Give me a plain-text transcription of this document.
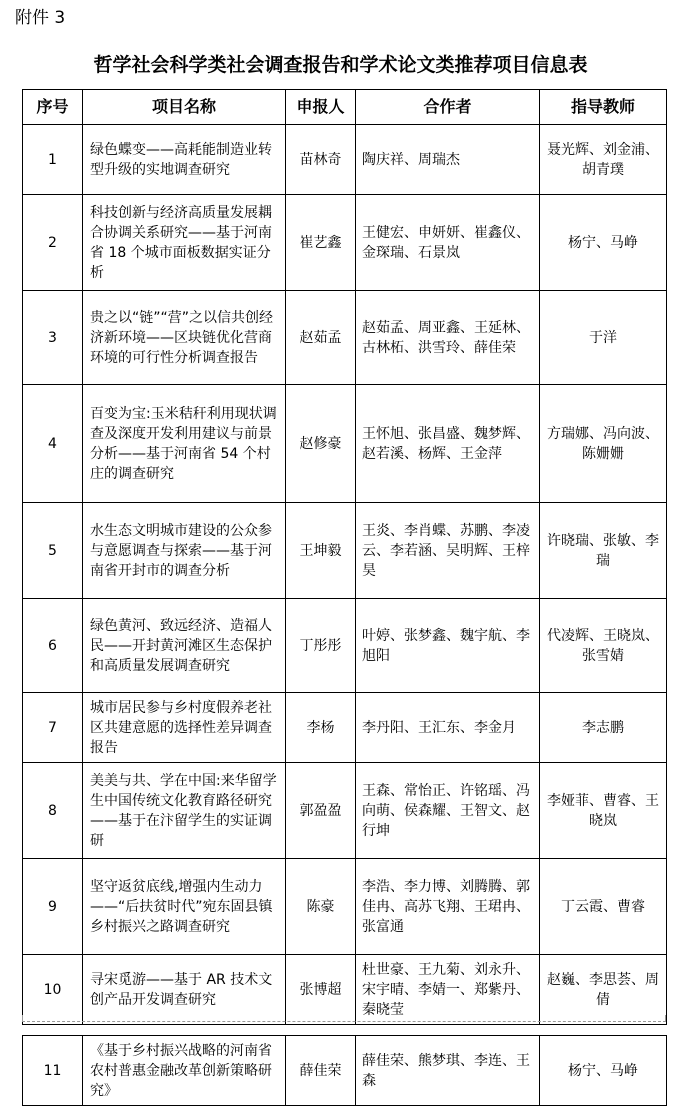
附件 3
哲学社会科学类社会调查报告和学术论文类推荐项目信息表
序号	项目名称	申报人	合作者	指导教师
1	绿色蝶变——高耗能制造业转型升级的实地调查研究	苗林奇	陶庆祥、周瑞杰	聂光辉、刘金浦、胡青璞
2	科技创新与经济高质量发展耦合协调关系研究——基于河南省 18 个城市面板数据实证分析	崔艺鑫	王健宏、申妍妍、崔鑫仪、金琛瑞、石景岚	杨宁、马峥
3	贵之以“链”“营”之以信共创经济新环境——区块链优化营商环境的可行性分析调查报告	赵茹孟	赵茹孟、周亚鑫、王延林、古林柘、洪雪玲、薛佳荣	于洋
4	百变为宝:玉米秸秆利用现状调查及深度开发利用建议与前景分析——基于河南省 54 个村庄的调查研究	赵修豪	王怀旭、张昌盛、魏梦辉、赵若溪、杨辉、王金萍	方瑞娜、冯向波、陈姗姗
5	水生态文明城市建设的公众参与意愿调查与探索——基于河南省开封市的调查分析	王坤毅	王炎、李肖蝶、苏鹏、李凌云、李若涵、吴明辉、王梓昊	许晓瑞、张敏、李瑞
6	绿色黄河、致远经济、造福人民——开封黄河滩区生态保护和高质量发展调查研究	丁彤彤	叶婷、张梦鑫、魏宇航、李旭阳	代凌辉、王晓岚、张雪婧
7	城市居民参与乡村度假养老社区共建意愿的选择性差异调查报告	李杨	李丹阳、王汇东、李金月	李志鹏
8	美美与共、学在中国:来华留学生中国传统文化教育路径研究——基于在汴留学生的实证调研	郭盈盈	王森、常怡正、许铭瑶、冯向萌、侯森耀、王智文、赵行坤	李娅菲、曹睿、王晓岚
9	坚守返贫底线,增强内生动力——“后扶贫时代”宛东固县镇乡村振兴之路调查研究	陈豪	李浩、李力博、刘腾腾、郭佳冉、高苏飞翔、王珺冉、张富通	丁云霞、曹睿
10	寻宋觅游——基于 AR 技术文创产品开发调查研究	张博超	杜世豪、王九菊、刘永升、宋宇晴、李婧一、郑紫丹、秦晓莹	赵巍、李思荟、周倩
11	《基于乡村振兴战略的河南省农村普惠金融改革创新策略研究》	薛佳荣	薛佳荣、熊梦琪、李连、王森	杨宁、马峥
